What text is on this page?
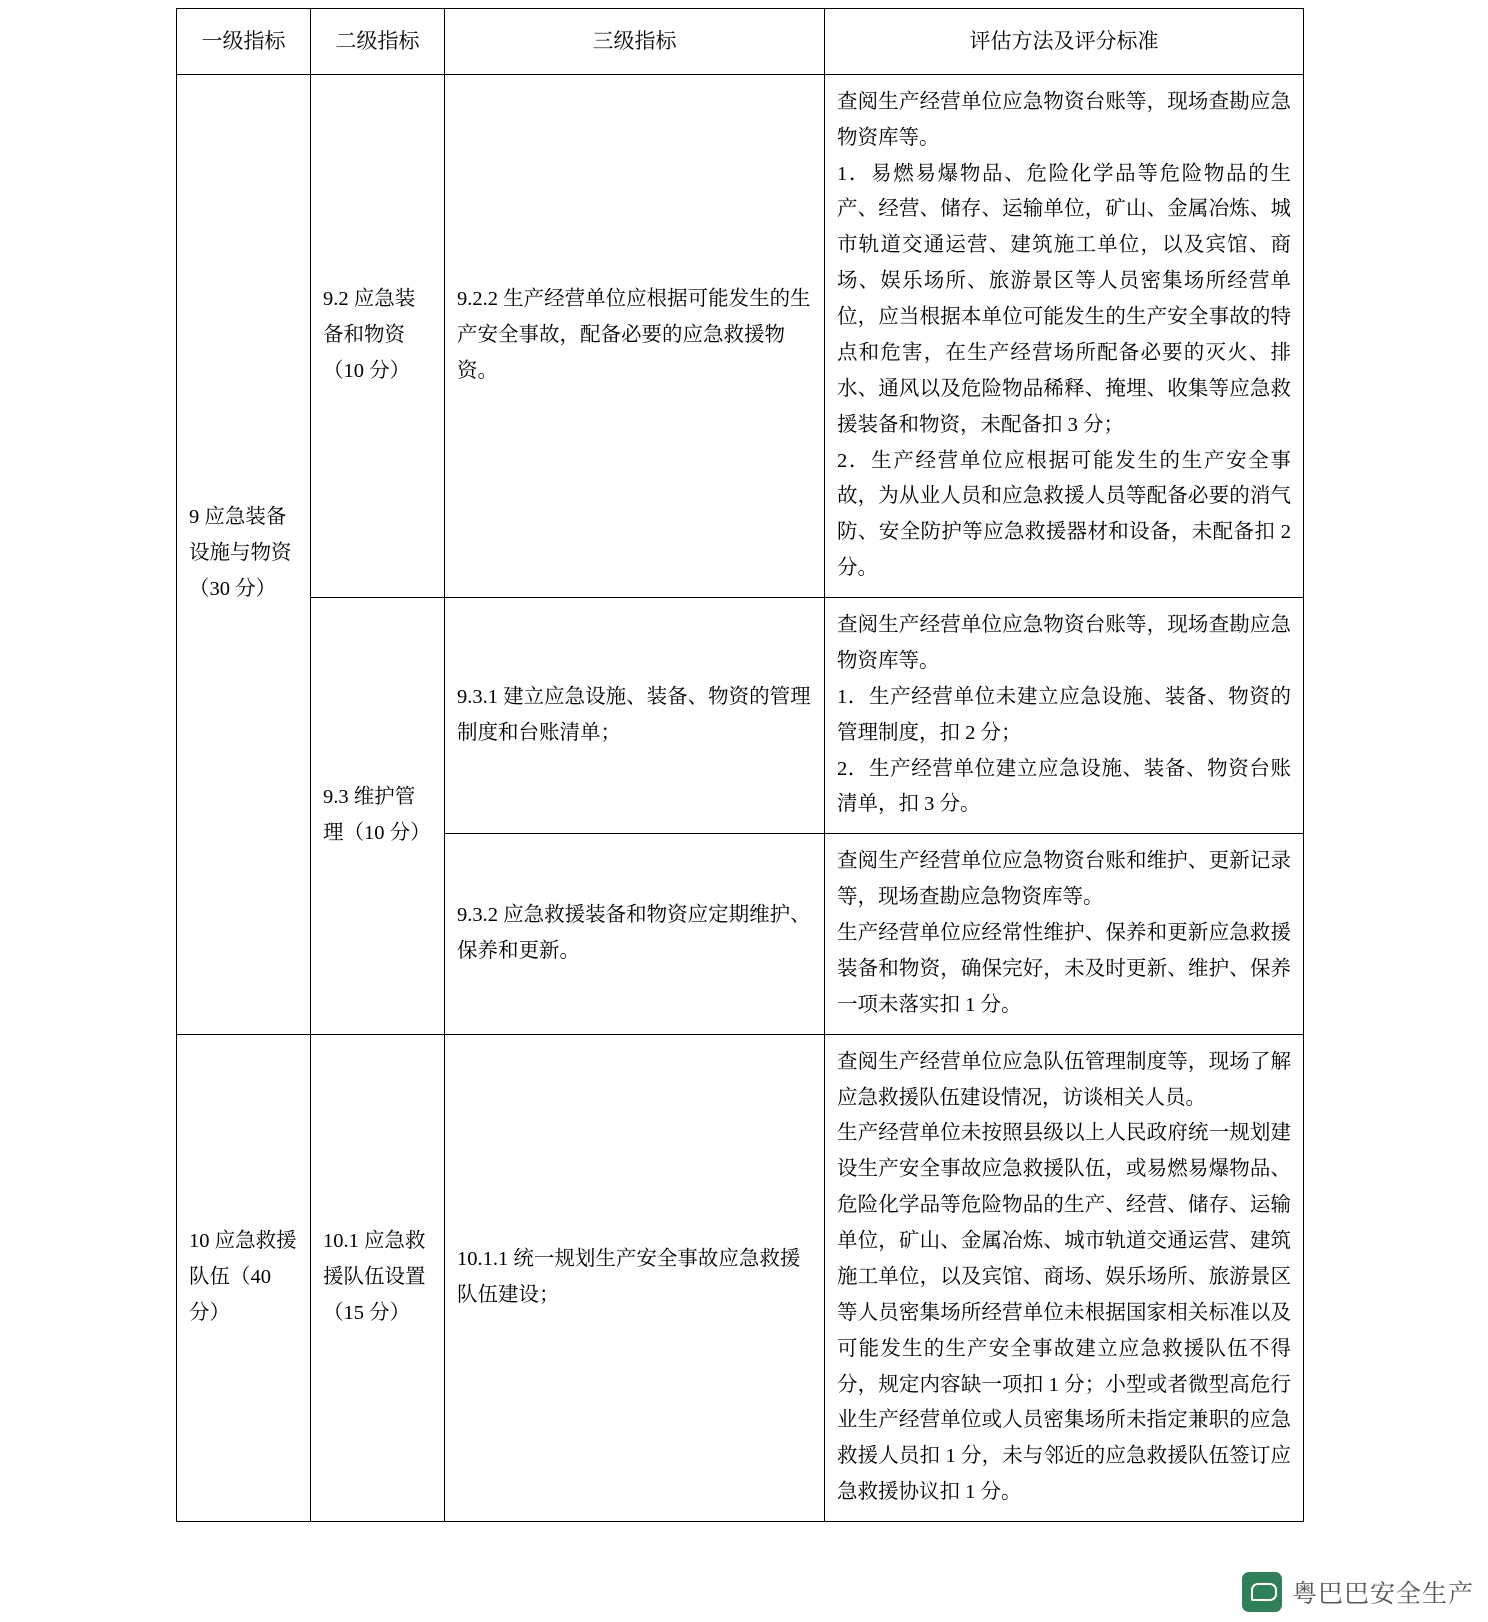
一级指标	二级指标	三级指标	评估方法及评分标准
9 应急装备设施与物资（30 分）	9.2 应急装备和物资（10 分）	9.2.2 生产经营单位应根据可能发生的生产安全事故，配备必要的应急救援物资。	查阅生产经营单位应急物资台账等，现场查勘应急物资库等。

1．易燃易爆物品、危险化学品等危险物品的生产、经营、储存、运输单位，矿山、金属冶炼、城市轨道交通运营、建筑施工单位，以及宾馆、商场、娱乐场所、旅游景区等人员密集场所经营单位，应当根据本单位可能发生的生产安全事故的特点和危害，在生产经营场所配备必要的灭火、排水、通风以及危险物品稀释、掩埋、收集等应急救援装备和物资，未配备扣 3 分；

2．生产经营单位应根据可能发生的生产安全事故，为从业人员和应急救援人员等配备必要的消气防、安全防护等应急救援器材和设备，未配备扣 2 分。

	9.3 维护管理（10 分）	9.3.1 建立应急设施、装备、物资的管理制度和台账清单；	查阅生产经营单位应急物资台账等，现场查勘应急物资库等。

1．生产经营单位未建立应急设施、装备、物资的管理制度，扣 2 分；

2．生产经营单位建立应急设施、装备、物资台账清单，扣 3 分。

		9.3.2 应急救援装备和物资应定期维护、保养和更新。	查阅生产经营单位应急物资台账和维护、更新记录等，现场查勘应急物资库等。

生产经营单位应经常性维护、保养和更新应急救援装备和物资，确保完好，未及时更新、维护、保养一项未落实扣 1 分。

10 应急救援队伍（40 分）	10.1 应急救援队伍设置（15 分）	10.1.1 统一规划生产安全事故应急救援队伍建设；	查阅生产经营单位应急队伍管理制度等，现场了解应急救援队伍建设情况，访谈相关人员。

生产经营单位未按照县级以上人民政府统一规划建设生产安全事故应急救援队伍，或易燃易爆物品、危险化学品等危险物品的生产、经营、储存、运输单位，矿山、金属冶炼、城市轨道交通运营、建筑施工单位，以及宾馆、商场、娱乐场所、旅游景区等人员密集场所经营单位未根据国家相关标准以及可能发生的生产安全事故建立应急救援队伍不得分，规定内容缺一项扣 1 分；小型或者微型高危行业生产经营单位或人员密集场所未指定兼职的应急救援人员扣 1 分，未与邻近的应急救援队伍签订应急救援协议扣 1 分。

粤巴巴安全生产
